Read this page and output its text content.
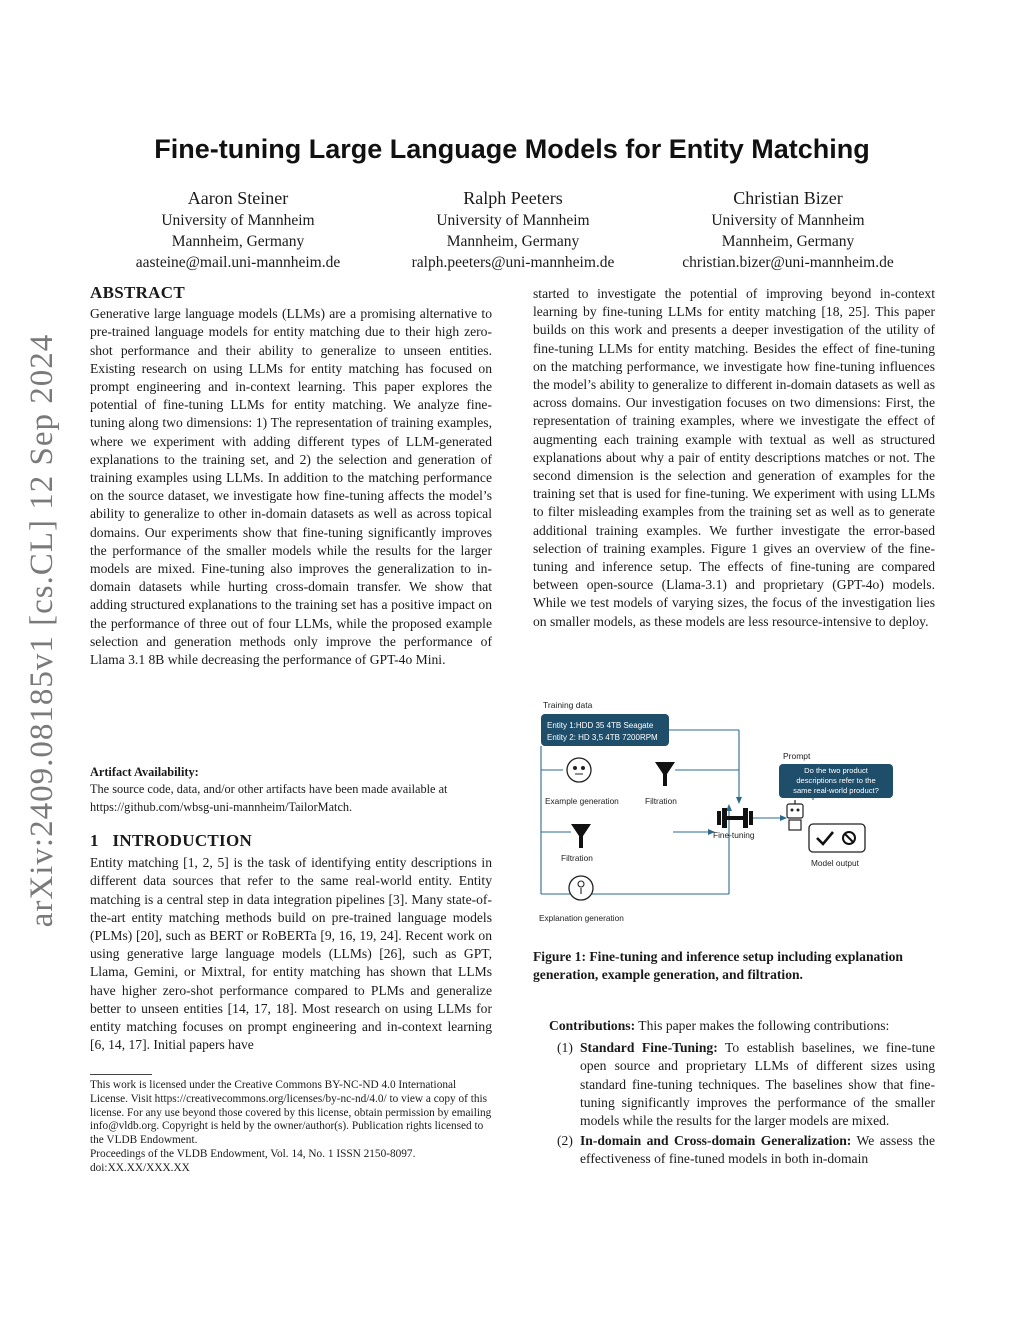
arXiv:2409.08185v1 [cs.CL] 12 Sep 2024
Fine-tuning Large Language Models for Entity Matching
Aaron Steiner
University of Mannheim
Mannheim, Germany
aasteine@mail.uni-mannheim.de
Ralph Peeters
University of Mannheim
Mannheim, Germany
ralph.peeters@uni-mannheim.de
Christian Bizer
University of Mannheim
Mannheim, Germany
christian.bizer@uni-mannheim.de
ABSTRACT
Generative large language models (LLMs) are a promising alternative to pre-trained language models for entity matching due to their high zero-shot performance and their ability to generalize to unseen entities. Existing research on using LLMs for entity matching has focused on prompt engineering and in-context learning. This paper explores the potential of fine-tuning LLMs for entity matching. We analyze fine-tuning along two dimensions: 1) The representation of training examples, where we experiment with adding different types of LLM-generated explanations to the training set, and 2) the selection and generation of training examples using LLMs. In addition to the matching performance on the source dataset, we investigate how fine-tuning affects the model’s ability to generalize to other in-domain datasets as well as across topical domains. Our experiments show that fine-tuning significantly improves the performance of the smaller models while the results for the larger models are mixed. Fine-tuning also improves the generalization to in-domain datasets while hurting cross-domain transfer. We show that adding structured explanations to the training set has a positive impact on the performance of three out of four LLMs, while the proposed example selection and generation methods only improve the performance of Llama 3.1 8B while decreasing the performance of GPT-4o Mini.
Artifact Availability:
The source code, data, and/or other artifacts have been made available at https://github.com/wbsg-uni-mannheim/TailorMatch.
1   INTRODUCTION
Entity matching [1, 2, 5] is the task of identifying entity descriptions in different data sources that refer to the same real-world entity. Entity matching is a central step in data integration pipelines [3]. Many state-of-the-art entity matching methods build on pre-trained language models (PLMs) [20], such as BERT or RoBERTa [9, 16, 19, 24]. Recent work on using generative large language models (LLMs) [26], such as GPT, Llama, Gemini, or Mixtral, for entity matching has shown that LLMs have higher zero-shot performance compared to PLMs and generalize better to unseen entities [14, 17, 18]. Most research on using LLMs for entity matching focuses on prompt engineering and in-context learning [6, 14, 17]. Initial papers have
This work is licensed under the Creative Commons BY-NC-ND 4.0 International License. Visit https://creativecommons.org/licenses/by-nc-nd/4.0/ to view a copy of this license. For any use beyond those covered by this license, obtain permission by emailing info@vldb.org. Copyright is held by the owner/author(s). Publication rights licensed to the VLDB Endowment.
Proceedings of the VLDB Endowment, Vol. 14, No. 1 ISSN 2150-8097.
doi:XX.XX/XXX.XX
started to investigate the potential of improving beyond in-context learning by fine-tuning LLMs for entity matching [18, 25]. This paper builds on this work and presents a deeper investigation of the utility of fine-tuning LLMs for entity matching. Besides the effect of fine-tuning on the matching performance, we investigate how fine-tuning influences the model’s ability to generalize to different in-domain datasets as well as across domains. Our investigation focuses on two dimensions: First, the representation of training examples, where we investigate the effect of augmenting each training example with textual as well as structured explanations about why a pair of entity descriptions matches or not. The second dimension is the selection and generation of examples for the training set that is used for fine-tuning. We experiment with using LLMs to filter misleading examples from the training set as well as to generate additional training examples. We further investigate the error-based selection of training examples. Figure 1 gives an overview of the fine-tuning and inference setup. The effects of fine-tuning are compared between open-source (Llama-3.1) and proprietary (GPT-4o) models. While we test models of varying sizes, the focus of the investigation lies on smaller models, as these models are less resource-intensive to deploy.
Training data
Entity 1:HDD 35 4TB Seagate
Entity 2: HD 3,5 4TB 7200RPM
Example generation	Filtration
Filtration
Explanation generation
Fine-tuning
Prompt
Do the two product
descriptions refer to the
same real-world product?
Model output
Figure 1: Fine-tuning and inference setup including explanation generation, example generation, and filtration.
Contributions: This paper makes the following contributions:
(1) Standard Fine-Tuning: To establish baselines, we fine-tune open source and proprietary LLMs of different sizes using standard fine-tuning techniques. The baselines show that fine-tuning significantly improves the performance of the smaller models while the results for the larger models are mixed.
(2) In-domain and Cross-domain Generalization: We assess the effectiveness of fine-tuned models in both in-domain
